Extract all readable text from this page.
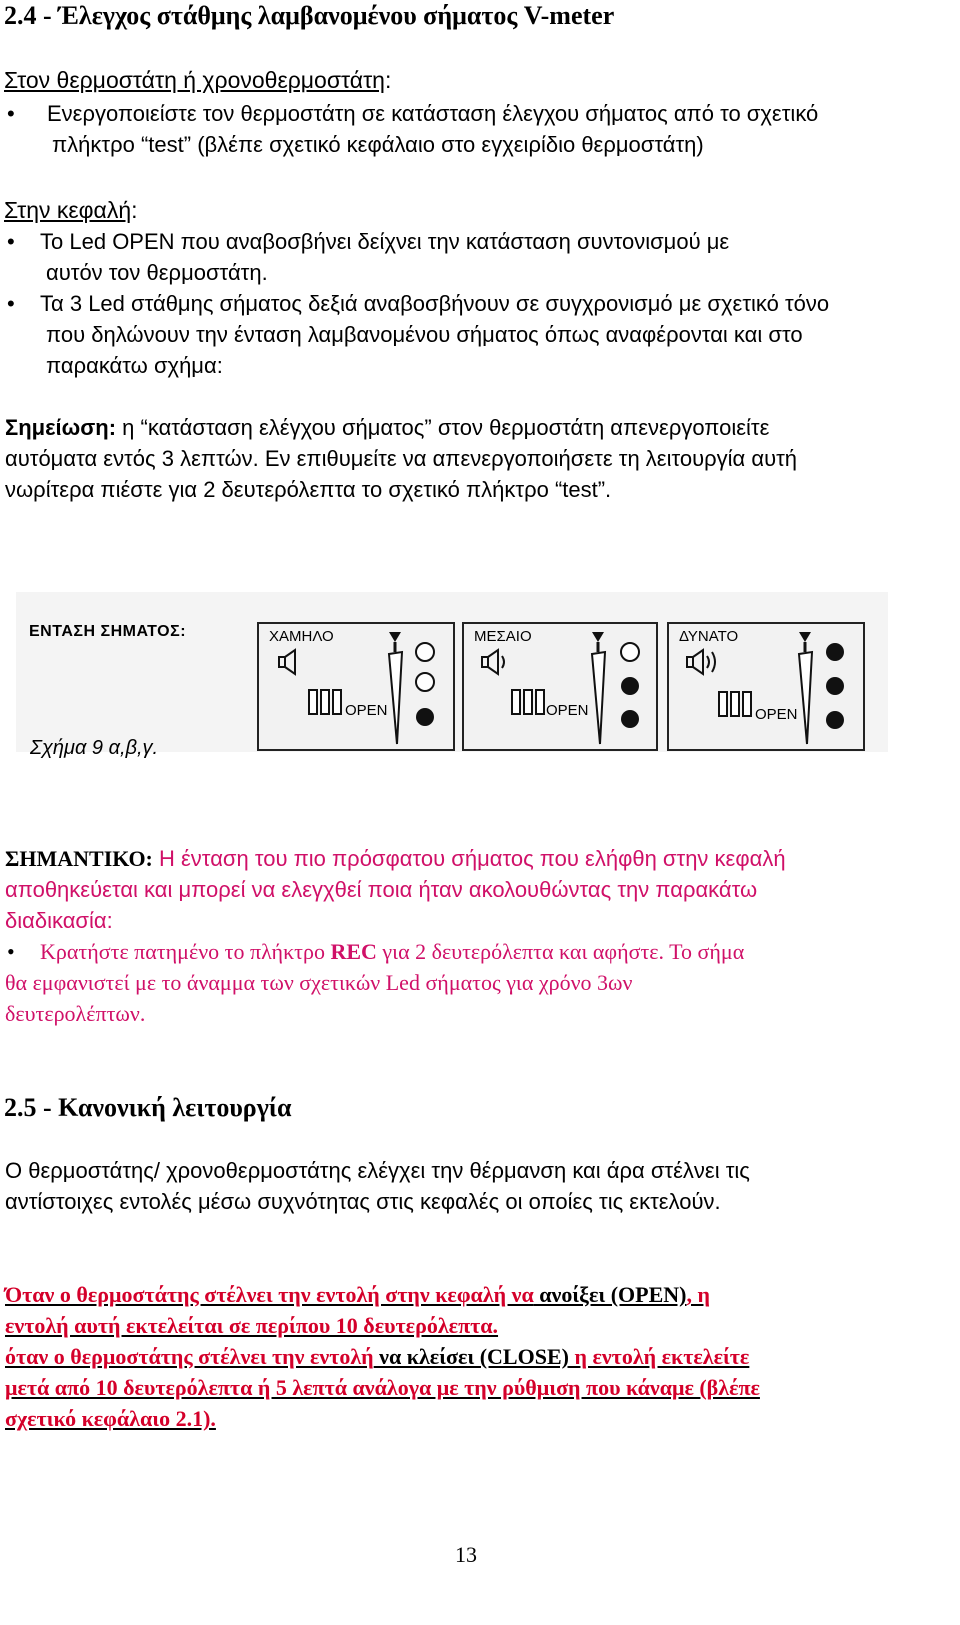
2.4 - Έλεγχος στάθμης λαμβανομένου σήματος V-meter
Στον θερμοστάτη ή χρονοθερμοστάτη:
•	Ενεργοποιείστε τον θερμοστάτη σε κατάσταση έλεγχου σήματος από το σχετικό
πλήκτρο “test” (βλέπε σχετικό κεφάλαιο στο εγχειρίδιο θερμοστάτη)
Στην κεφαλή:
•	Το Led OPEN που αναβοσβήνει δείχνει την κατάσταση συντονισμού με
αυτόν τον θερμοστάτη.
•	Τα 3 Led στάθμης σήματος δεξιά αναβοσβήνουν σε συγχρονισμό με σχετικό τόνο
που δηλώνουν την ένταση λαμβανομένου σήματος όπως αναφέρονται και στο
παρακάτω σχήμα:
Σημείωση: η “κατάσταση ελέγχου σήματος” στον θερμοστάτη απενεργοποιείτε
αυτόματα εντός 3 λεπτών. Εν επιθυμείτε να απενεργοποιήσετε τη λειτουργία αυτή
νωρίτερα πιέστε για 2 δευτερόλεπτα το σχετικό πλήκτρο “test”.
ΕΝΤΑΣΗ ΣΗΜΑΤΟΣ:
Σχήμα 9 α,β,γ.
ΧΑΜΗΛΟ
OPEN
ΜΕΣΑΙΟ
OPEN
ΔΥΝΑΤΟ
OPEN
ΣΗΜΑΝΤΙΚΟ: Η ένταση του πιο πρόσφατου σήματος που ελήφθη στην κεφαλή
αποθηκεύεται και μπορεί να ελεγχθεί ποια ήταν ακολουθώντας την παρακάτω
διαδικασία:
•	Κρατήστε πατημένο το πλήκτρο REC για 2 δευτερόλεπτα και αφήστε. Το σήμα
θα εμφανιστεί με το άναμμα των σχετικών Led σήματος για χρόνο 3ων
δευτερολέπτων.
2.5 - Κανονική λειτουργία
Ο θερμοστάτης/ χρονοθερμοστάτης ελέγχει την θέρμανση και άρα στέλνει τις
αντίστοιχες εντολές μέσω συχνότητας στις κεφαλές οι οποίες τις εκτελούν.
Όταν ο θερμοστάτης στέλνει την εντολή στην κεφαλή να ανοίξει (OPEN), η
εντολή αυτή εκτελείται σε περίπου 10 δευτερόλεπτα.
όταν ο θερμοστάτης στέλνει την εντολή να κλείσει (CLOSE) η εντολή εκτελείτε
μετά από 10 δευτερόλεπτα ή 5 λεπτά ανάλογα με την ρύθμιση που κάναμε (βλέπε
σχετικό κεφάλαιο 2.1).
13
